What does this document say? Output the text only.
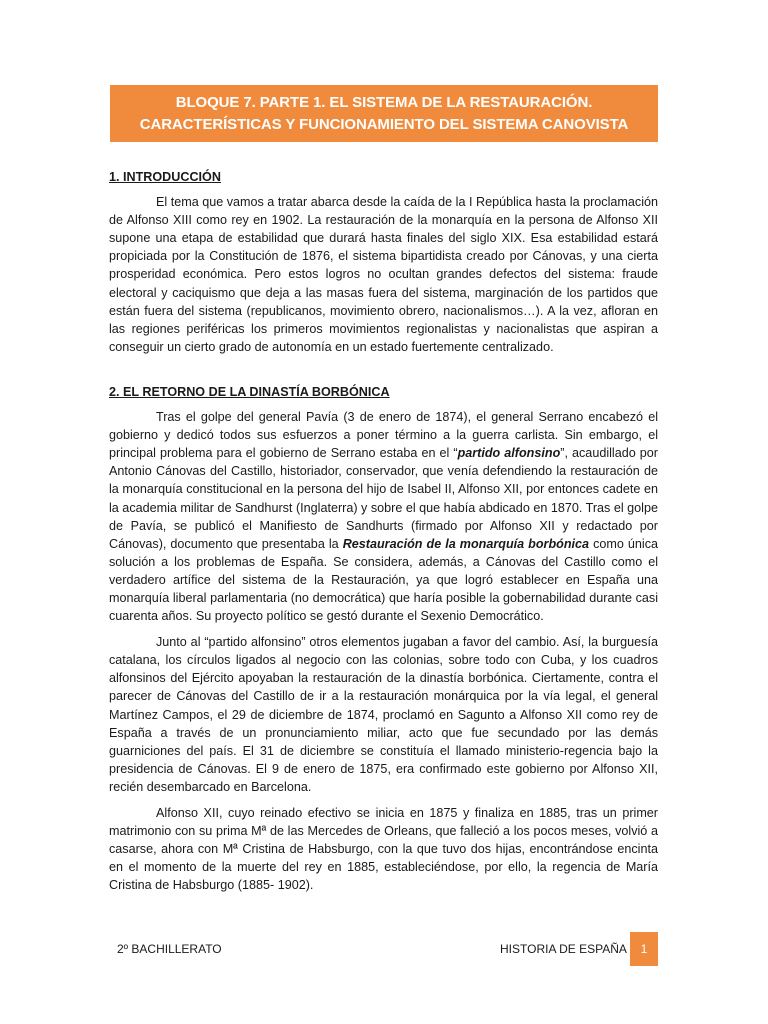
BLOQUE 7. PARTE 1. EL SISTEMA DE LA RESTAURACIÓN.
CARACTERÍSTICAS Y FUNCIONAMIENTO DEL SISTEMA CANOVISTA
1. INTRODUCCIÓN

El tema que vamos a tratar abarca desde la caída de la I República hasta la proclamación de Alfonso XIII como rey en 1902. La restauración de la monarquía en la persona de Alfonso XII supone una etapa de estabilidad que durará hasta finales del siglo XIX. Esa estabilidad estará propiciada por la Constitución de 1876, el sistema bipartidista creado por Cánovas, y una cierta prosperidad económica. Pero estos logros no ocultan grandes defectos del sistema: fraude electoral y caciquismo que deja a las masas fuera del sistema, marginación de los partidos que están fuera del sistema (republicanos, movimiento obrero, nacionalismos…). A la vez, afloran en las regiones periféricas los primeros movimientos regionalistas y nacionalistas que aspiran a conseguir un cierto grado de autonomía en un estado fuertemente centralizado.

2. EL RETORNO DE LA DINASTÍA BORBÓNICA

Tras el golpe del general Pavía (3 de enero de 1874), el general Serrano encabezó el gobierno y dedicó todos sus esfuerzos a poner término a la guerra carlista. Sin embargo, el principal problema para el gobierno de Serrano estaba en el “partido alfonsino”, acaudillado por Antonio Cánovas del Castillo, historiador, conservador, que venía defendiendo la restauración de la monarquía constitucional en la persona del hijo de Isabel II, Alfonso XII, por entonces cadete en la academia militar de Sandhurst (Inglaterra) y sobre el que había abdicado en 1870. Tras el golpe de Pavía, se publicó el Manifiesto de Sandhurts (firmado por Alfonso XII y redactado por Cánovas), documento que presentaba la Restauración de la monarquía borbónica como única solución a los problemas de España. Se considera, además, a Cánovas del Castillo como el verdadero artífice del sistema de la Restauración, ya que logró establecer en España una monarquía liberal parlamentaria (no democrática) que haría posible la gobernabilidad durante casi cuarenta años. Su proyecto político se gestó durante el Sexenio Democrático.

Junto al “partido alfonsino” otros elementos jugaban a favor del cambio. Así, la burguesía catalana, los círculos ligados al negocio con las colonias, sobre todo con Cuba, y los cuadros alfonsinos del Ejército apoyaban la restauración de la dinastía borbónica. Ciertamente, contra el parecer de Cánovas del Castillo de ir a la restauración monárquica por la vía legal, el general Martínez Campos, el 29 de diciembre de 1874, proclamó en Sagunto a Alfonso XII como rey de España a través de un pronunciamiento miliar, acto que fue secundado por las demás guarniciones del país. El 31 de diciembre se constituía el llamado ministerio-regencia bajo la presidencia de Cánovas. El 9 de enero de 1875, era confirmado este gobierno por Alfonso XII, recién desembarcado en Barcelona.

Alfonso XII, cuyo reinado efectivo se inicia en 1875 y finaliza en 1885, tras un primer matrimonio con su prima Mª de las Mercedes de Orleans, que falleció a los pocos meses, volvió a casarse, ahora con Mª Cristina de Habsburgo, con la que tuvo dos hijas, encontrándose encinta en el momento de la muerte del rey en 1885, estableciéndose, por ello, la regencia de María Cristina de Habsburgo (1885- 1902).

2º BACHILLERATO	HISTORIA DE ESPAÑA	1
